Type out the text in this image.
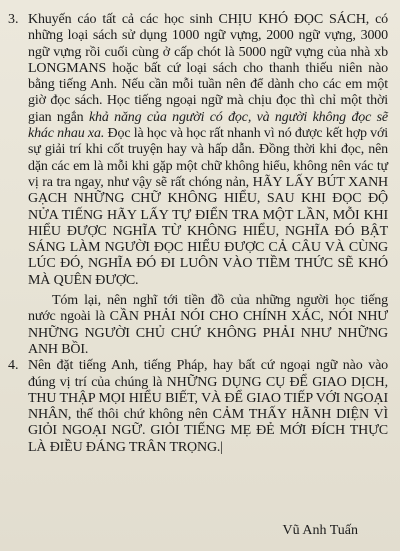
3. Khuyến cáo tất cả các học sinh CHỊU KHÓ ĐỌC SÁCH, có những loại sách sử dụng 1000 ngữ vựng, 2000 ngữ vựng, 3000 ngữ vựng rồi cuối cùng ở cấp chót là 5000 ngữ vựng của nhà xb LONGMANS hoặc bất cứ loại sách cho thanh thiếu niên nào bằng tiếng Anh. Nếu cần mỗi tuần nên để dành cho các em một giờ đọc sách. Học tiếng ngoại ngữ mà chịu đọc thì chỉ một thời gian ngắn khả năng của người có đọc, và người không đọc sẽ khác nhau xa. Đọc là học và học rất nhanh vì nó được kết hợp với sự giải trí khi cốt truyện hay và hấp dẫn. Đồng thời khi đọc, nên dặn các em là mỗi khi gặp một chữ không hiểu, không nên vác tự vị ra tra ngay, như vậy sẽ rất chóng nản, HÃY LẤY BÚT XANH GẠCH NHỮNG CHỮ KHÔNG HIỂU, SAU KHI ĐỌC ĐỘ NỬA TIẾNG HÃY LẤY TỰ ĐIỂN TRA MỘT LẦN, MỖI KHI HIỂU ĐƯỢC NGHĨA TỪ KHÔNG HIỂU, NGHĨA ĐÓ BẬT SÁNG LÀM NGƯỜI ĐỌC HIỂU ĐƯỢC CẢ CÂU VÀ CÙNG LÚC ĐÓ, NGHĨA ĐÓ ĐI LUÔN VÀO TIỀM THỨC SẼ KHÓ MÀ QUÊN ĐƯỢC.
Tóm lại, nên nghĩ tới tiền đồ của những người học tiếng nước ngoài là CẦN PHẢI NÓI CHO CHÍNH XÁC, NÓI NHƯ NHỮNG NGƯỜI CHỦ CHỨ KHÔNG PHẢI NHƯ NHỮNG ANH BỒI.
4. Nên đặt tiếng Anh, tiếng Pháp, hay bất cứ ngoại ngữ nào vào đúng vị trí của chúng là NHỮNG DỤNG CỤ ĐỂ GIAO DỊCH, THU THẬP MỌI HIỂU BIẾT, VÀ ĐỂ GIAO TIẾP VỚI NGOẠI NHÂN, thế thôi chứ không nên CẢM THẤY HÃNH DIỆN VÌ GIỎI NGOẠI NGỮ. GIỎI TIẾNG MẸ ĐẺ MỚI ĐÍCH THỰC LÀ ĐIỀU ĐÁNG TRÂN TRỌNG.|
Vũ Anh Tuấn
